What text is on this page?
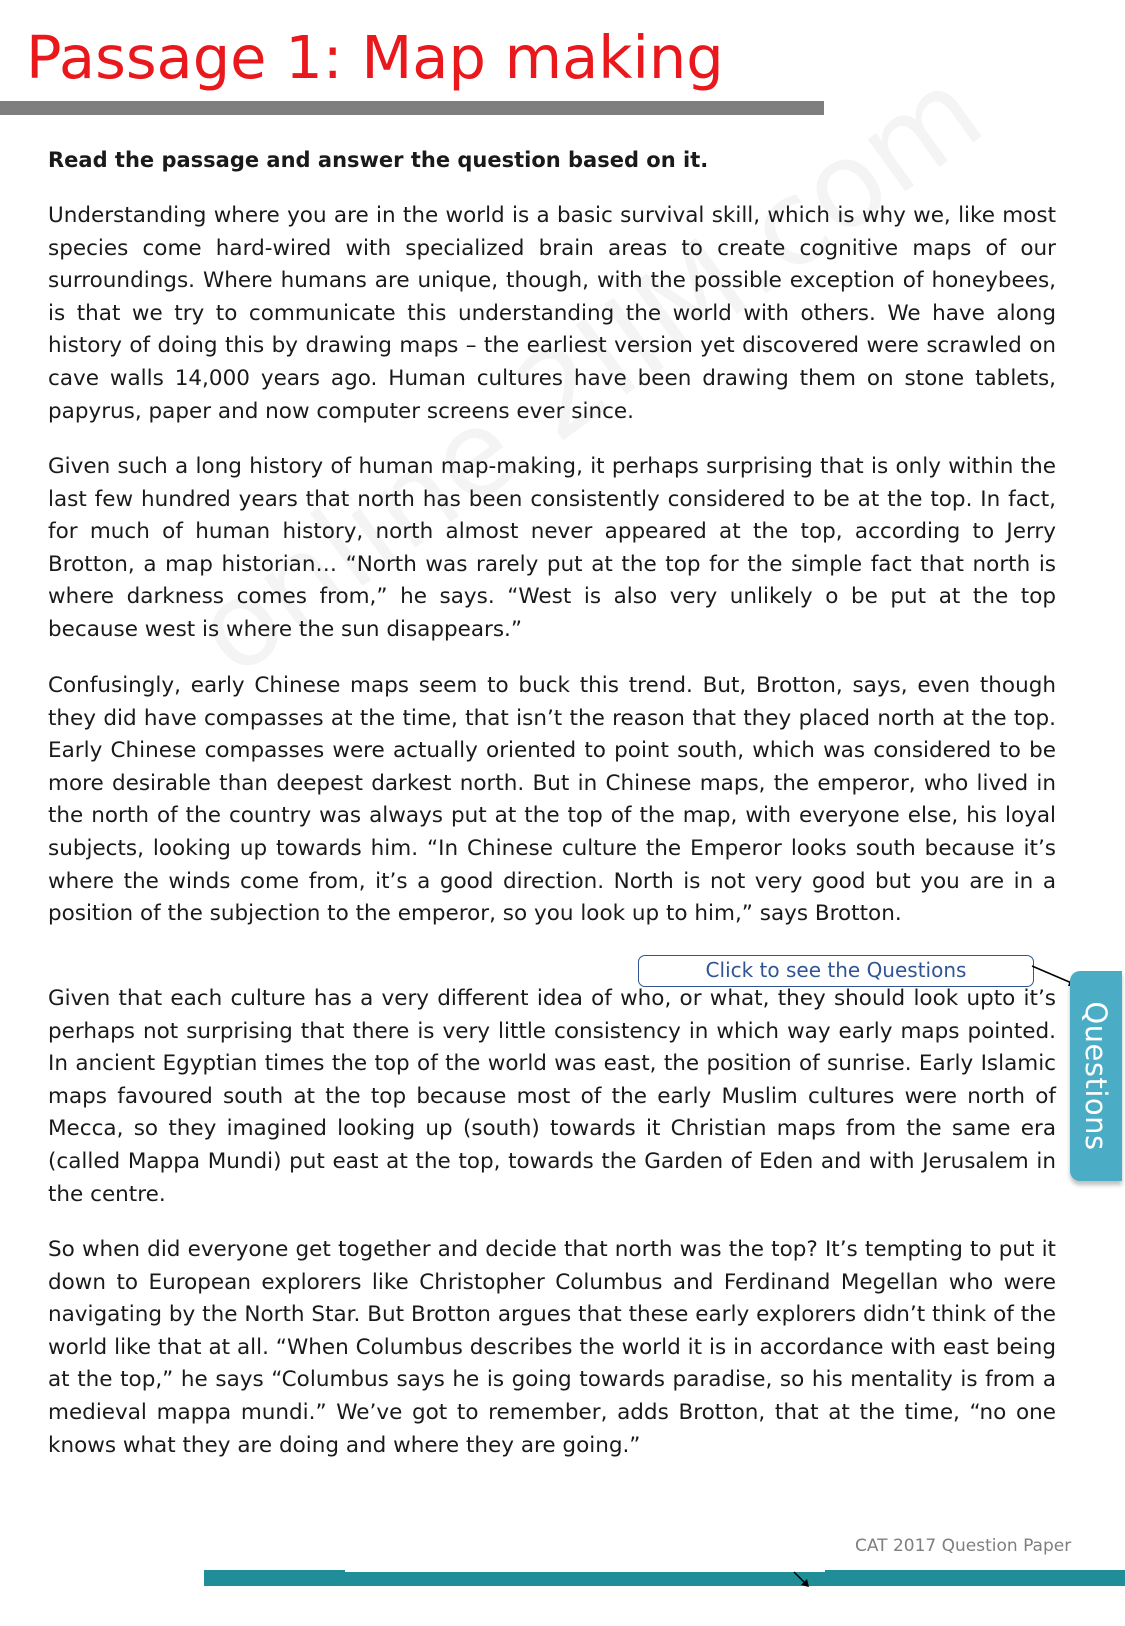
Passage 1: Map making
Read the passage and answer the question based on it.

Understanding where you are in the world is a basic survival skill, which is why we, like most species come hard-wired with specialized brain areas to create cognitive maps of our surroundings. Where humans are unique, though, with the possible exception of honeybees, is that we try to communicate this understanding the world with others. We have along history of doing this by drawing maps – the earliest version yet discovered were scrawled on cave walls 14,000 years ago. Human cultures have been drawing them on stone tablets, papyrus, paper and now computer screens ever since.

Given such a long history of human map-making, it perhaps surprising that is only within the last few hundred years that north has been consistently considered to be at the top. In fact, for much of human history, north almost never appeared at the top, according to Jerry Brotton, a map historian… “North was rarely put at the top for the simple fact that north is where darkness comes from,” he says. “West is also very unlikely o be put at the top because west is where the sun disappears.”

Confusingly, early Chinese maps seem to buck this trend. But, Brotton, says, even though they did have compasses at the time, that isn’t the reason that they placed north at the top. Early Chinese compasses were actually oriented to point south, which was considered to be more desirable than deepest darkest north. But in Chinese maps, the emperor, who lived in the north of the country was always put at the top of the map, with everyone else, his loyal subjects, looking up towards him. “In Chinese culture the Emperor looks south because it’s where the winds come from, it’s a good direction. North is not very good but you are in a position of the subjection to the emperor, so you look up to him,” says Brotton.

Click to see the Questions

Given that each culture has a very different idea of who, or what, they should look upto it’s perhaps not surprising that there is very little consistency in which way early maps pointed. In ancient Egyptian times the top of the world was east, the position of sunrise. Early Islamic maps favoured south at the top because most of the early Muslim cultures were north of Mecca, so they imagined looking up (south) towards it Christian maps from the same era (called Mappa Mundi) put east at the top, towards the Garden of Eden and with Jerusalem in the centre.

So when did everyone get together and decide that north was the top? It’s tempting to put it down to European explorers like Christopher Columbus and Ferdinand Megellan who were navigating by the North Star. But Brotton argues that these early explorers didn’t think of the world like that at all. “When Columbus describes the world it is in accordance with east being at the top,” he says “Columbus says he is going towards paradise, so his mentality is from a medieval mappa mundi.” We’ve got to remember, adds Brotton, that at the time, “no one knows what they are doing and where they are going.”

Questions
CAT 2017 Question Paper
